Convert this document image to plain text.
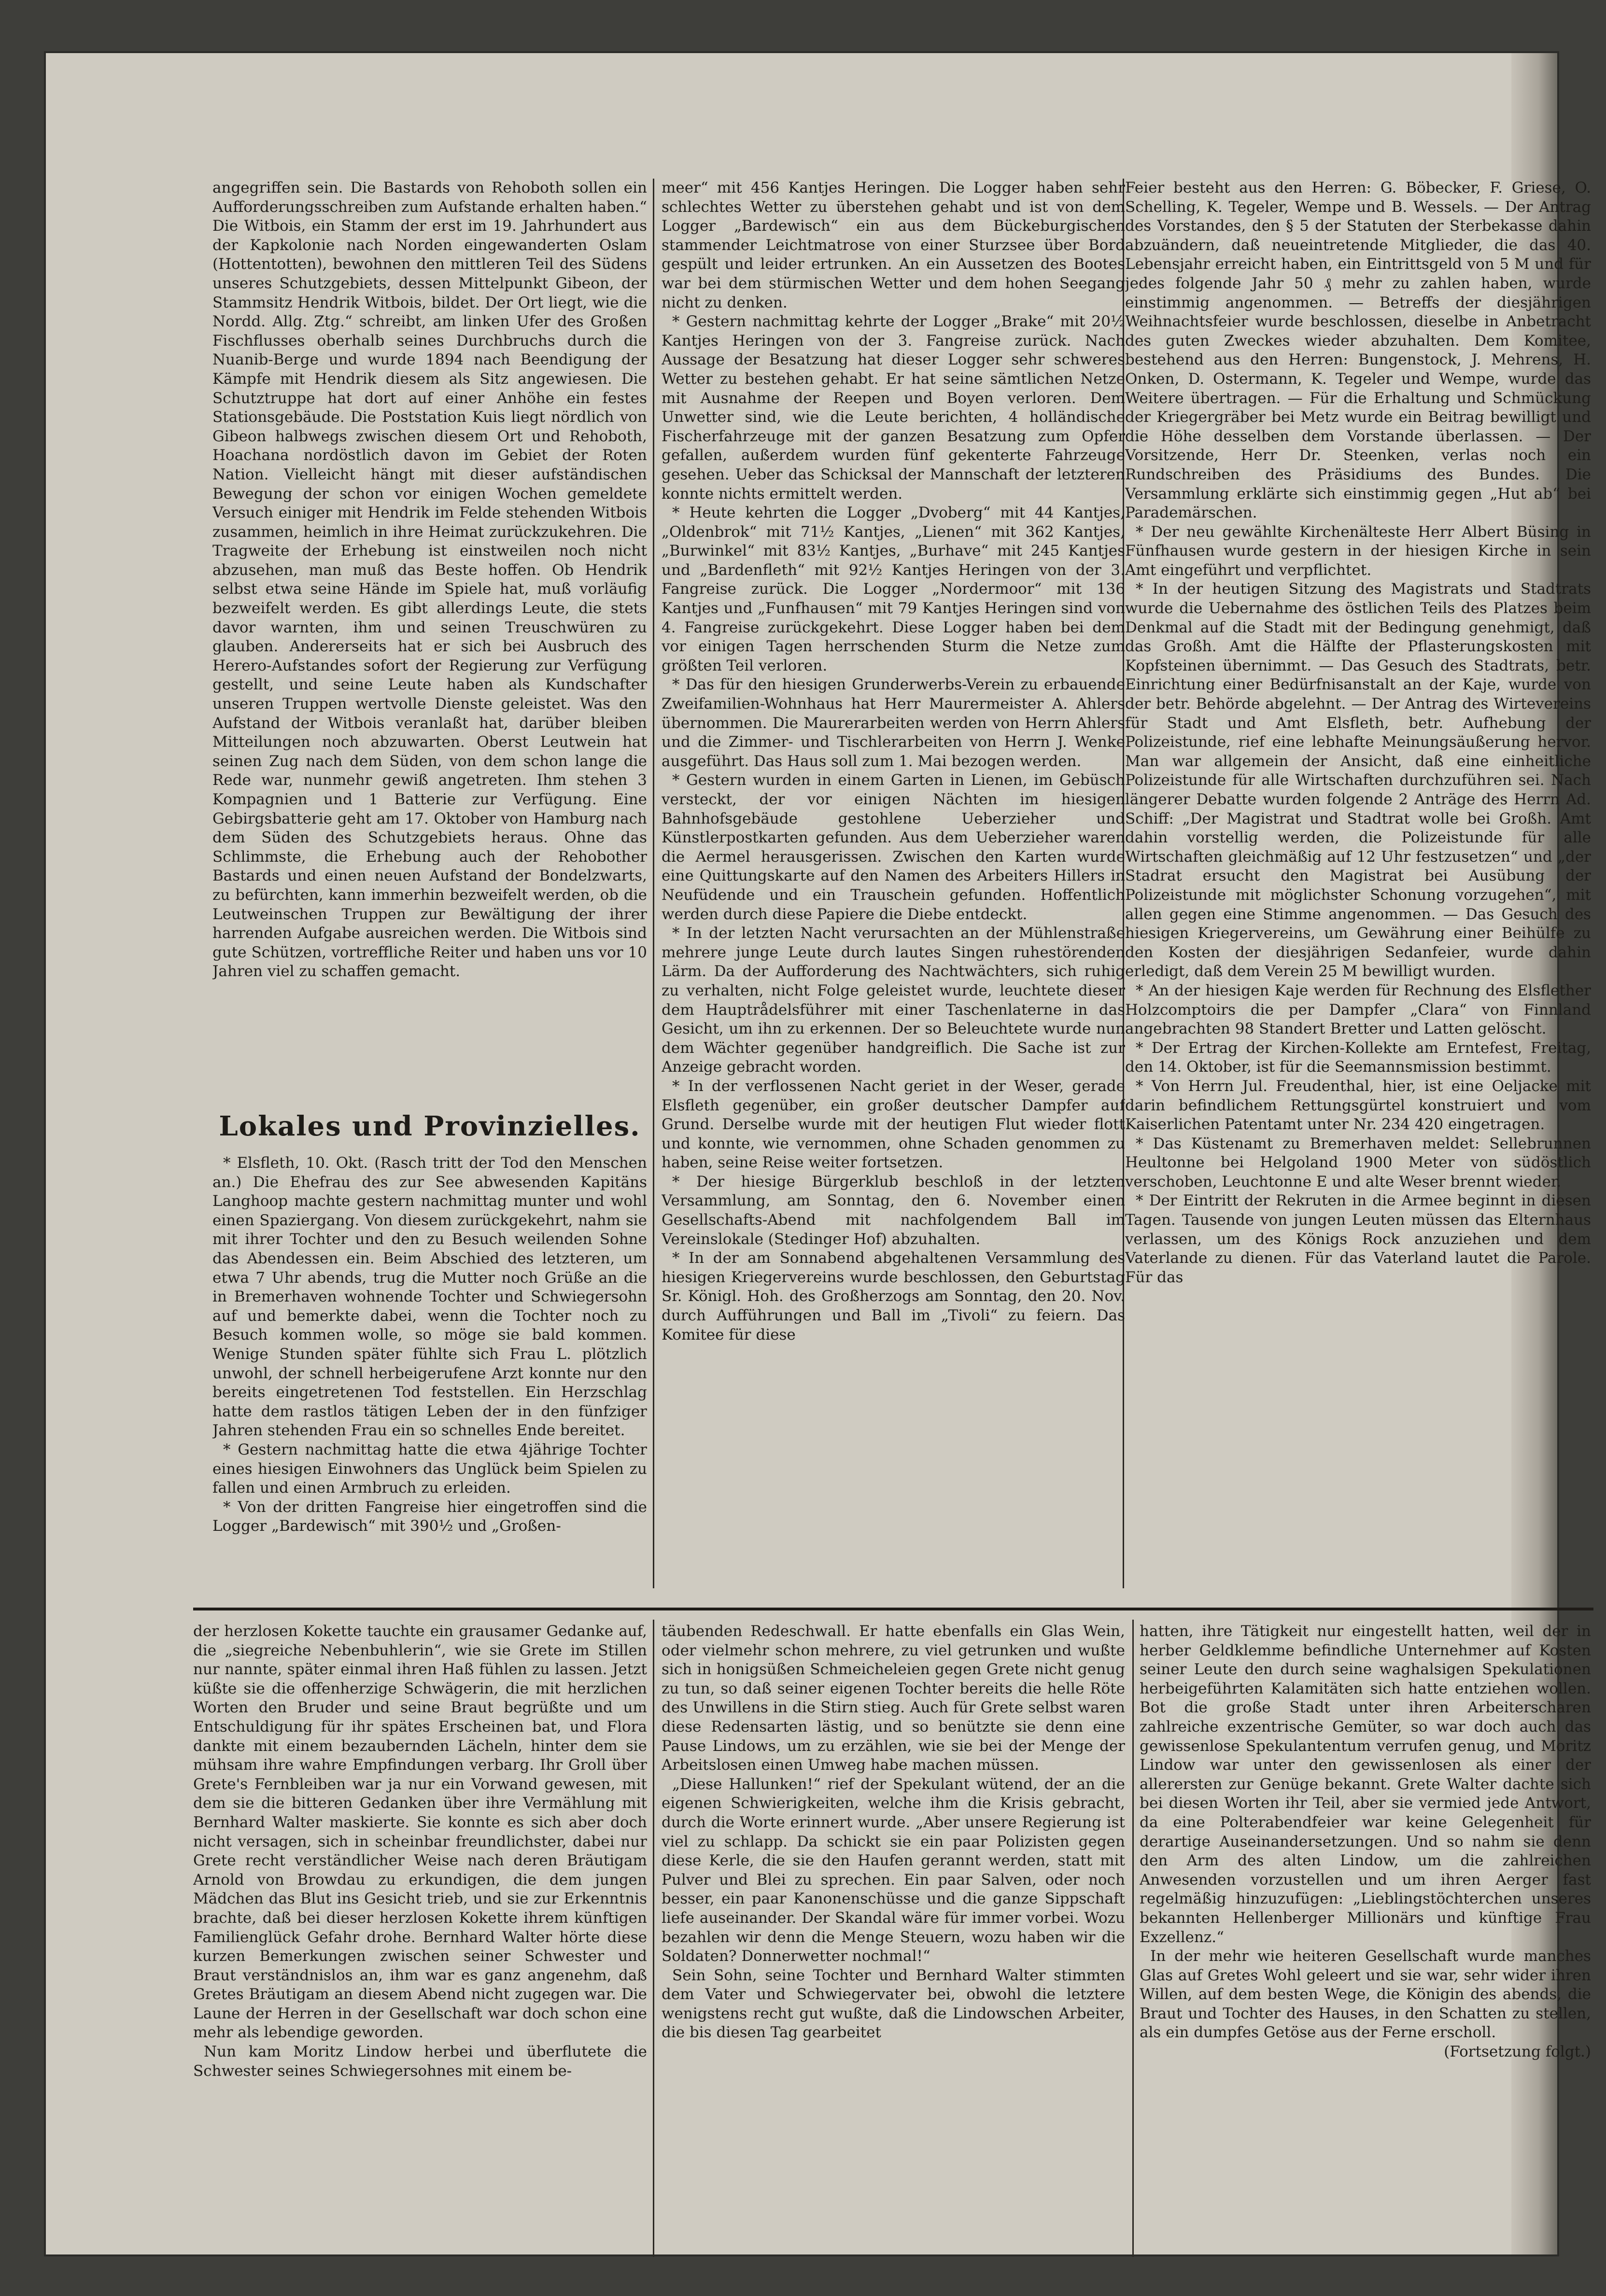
angegriffen sein. Die Bastards von Rehoboth sollen ein Aufforderungsschreiben zum Aufstande erhalten haben.“ Die Witbois, ein Stamm der erst im 19. Jahrhundert aus der Kapkolonie nach Norden eingewanderten Oslam (Hottentotten), bewohnen den mittleren Teil des Südens unseres Schutzgebiets, dessen Mittelpunkt Gibeon, der Stammsitz Hendrik Witbois, bildet. Der Ort liegt, wie die Nordd. Allg. Ztg.“ schreibt, am linken Ufer des Großen Fischflusses oberhalb seines Durchbruchs durch die Nuanib-Berge und wurde 1894 nach Beendigung der Kämpfe mit Hendrik diesem als Sitz angewiesen. Die Schutztruppe hat dort auf einer Anhöhe ein festes Stationsgebäude. Die Poststation Kuis liegt nördlich von Gibeon halbwegs zwischen diesem Ort und Rehoboth, Hoachana nordöstlich davon im Gebiet der Roten Nation. Vielleicht hängt mit dieser aufständischen Bewegung der schon vor einigen Wochen gemeldete Versuch einiger mit Hendrik im Felde stehenden Witbois zusammen, heimlich in ihre Heimat zurückzukehren. Die Tragweite der Erhebung ist einstweilen noch nicht abzusehen, man muß das Beste hoffen. Ob Hendrik selbst etwa seine Hände im Spiele hat, muß vorläufig bezweifelt werden. Es gibt allerdings Leute, die stets davor warnten, ihm und seinen Treuschwüren zu glauben. Andererseits hat er sich bei Ausbruch des Herero-Aufstandes sofort der Regierung zur Verfügung gestellt, und seine Leute haben als Kundschafter unseren Truppen wertvolle Dienste geleistet. Was den Aufstand der Witbois veranlaßt hat, darüber bleiben Mitteilungen noch abzuwarten. Oberst Leutwein hat seinen Zug nach dem Süden, von dem schon lange die Rede war, nunmehr gewiß angetreten. Ihm stehen 3 Kompagnien und 1 Batterie zur Verfügung. Eine Gebirgsbatterie geht am 17. Oktober von Hamburg nach dem Süden des Schutzgebiets heraus. Ohne das Schlimmste, die Erhebung auch der Rehobother Bastards und einen neuen Aufstand der Bondelzwarts, zu befürchten, kann immerhin bezweifelt werden, ob die Leutweinschen Truppen zur Bewältigung der ihrer harrenden Aufgabe ausreichen werden. Die Witbois sind gute Schützen, vortreffliche Reiter und haben uns vor 10 Jahren viel zu schaffen gemacht.

Lokales und Provinzielles.

* Elsfleth, 10. Okt. (Rasch tritt der Tod den Menschen an.) Die Ehefrau des zur See abwesenden Kapitäns Langhoop machte gestern nachmittag munter und wohl einen Spaziergang. Von diesem zurückgekehrt, nahm sie mit ihrer Tochter und den zu Besuch weilenden Sohne das Abendessen ein. Beim Abschied des letzteren, um etwa 7 Uhr abends, trug die Mutter noch Grüße an die in Bremerhaven wohnende Tochter und Schwiegersohn auf und bemerkte dabei, wenn die Tochter noch zu Besuch kommen wolle, so möge sie bald kommen. Wenige Stunden später fühlte sich Frau L. plötzlich unwohl, der schnell herbeigerufene Arzt konnte nur den bereits eingetretenen Tod feststellen. Ein Herzschlag hatte dem rastlos tätigen Leben der in den fünfziger Jahren stehenden Frau ein so schnelles Ende bereitet.

* Gestern nachmittag hatte die etwa 4jährige Tochter eines hiesigen Einwohners das Unglück beim Spielen zu fallen und einen Armbruch zu erleiden.

* Von der dritten Fangreise hier eingetroffen sind die Logger „Bardewisch“ mit 390½ und „Großen-

meer“ mit 456 Kantjes Heringen. Die Logger haben sehr schlechtes Wetter zu überstehen gehabt und ist von dem Logger „Bardewisch“ ein aus dem Bückeburgischen stammender Leichtmatrose von einer Sturzsee über Bord gespült und leider ertrunken. An ein Aussetzen des Bootes war bei dem stürmischen Wetter und dem hohen Seegang nicht zu denken.

* Gestern nachmittag kehrte der Logger „Brake“ mit 20½ Kantjes Heringen von der 3. Fangreise zurück. Nach Aussage der Besatzung hat dieser Logger sehr schweres Wetter zu bestehen gehabt. Er hat seine sämtlichen Netze mit Ausnahme der Reepen und Boyen verloren. Dem Unwetter sind, wie die Leute berichten, 4 holländische Fischerfahrzeuge mit der ganzen Besatzung zum Opfer gefallen, außerdem wurden fünf gekenterte Fahrzeuge gesehen. Ueber das Schicksal der Mannschaft der letzteren konnte nichts ermittelt werden.

* Heute kehrten die Logger „Dvoberg“ mit 44 Kantjes, „Oldenbrok“ mit 71½ Kantjes, „Lienen“ mit 362 Kantjes, „Burwinkel“ mit 83½ Kantjes, „Burhave“ mit 245 Kantjes und „Bardenfleth“ mit 92½ Kantjes Heringen von der 3. Fangreise zurück. Die Logger „Nordermoor“ mit 136 Kantjes und „Funfhausen“ mit 79 Kantjes Heringen sind von 4. Fangreise zurückgekehrt. Diese Logger haben bei dem vor einigen Tagen herrschenden Sturm die Netze zum größten Teil verloren.

* Das für den hiesigen Grunderwerbs-Verein zu erbauende Zweifamilien-Wohnhaus hat Herr Maurermeister A. Ahlers übernommen. Die Maurerarbeiten werden von Herrn Ahlers und die Zimmer- und Tischlerarbeiten von Herrn J. Wenke ausgeführt. Das Haus soll zum 1. Mai bezogen werden.

* Gestern wurden in einem Garten in Lienen, im Gebüsch versteckt, der vor einigen Nächten im hiesigen Bahnhofsgebäude gestohlene Ueberzieher und Künstlerpostkarten gefunden. Aus dem Ueberzieher waren die Aermel herausgerissen. Zwischen den Karten wurde eine Quittungskarte auf den Namen des Arbeiters Hillers in Neufüdende und ein Trauschein gefunden. Hoffentlich werden durch diese Papiere die Diebe entdeckt.

* In der letzten Nacht verursachten an der Mühlenstraße mehrere junge Leute durch lautes Singen ruhestörenden Lärm. Da der Aufforderung des Nachtwächters, sich ruhig zu verhalten, nicht Folge geleistet wurde, leuchtete dieser dem Hauptrådelsführer mit einer Taschenlaterne in das Gesicht, um ihn zu erkennen. Der so Beleuchtete wurde nun dem Wächter gegenüber handgreiflich. Die Sache ist zur Anzeige gebracht worden.

* In der verflossenen Nacht geriet in der Weser, gerade Elsfleth gegenüber, ein großer deutscher Dampfer auf Grund. Derselbe wurde mit der heutigen Flut wieder flott und konnte, wie vernommen, ohne Schaden genommen zu haben, seine Reise weiter fortsetzen.

* Der hiesige Bürgerklub beschloß in der letzten Versammlung, am Sonntag, den 6. November einen Gesellschafts-Abend mit nachfolgendem Ball im Vereinslokale (Stedinger Hof) abzuhalten.

* In der am Sonnabend abgehaltenen Versammlung des hiesigen Kriegervereins wurde beschlossen, den Geburtstag Sr. Königl. Hoh. des Großherzogs am Sonntag, den 20. Nov. durch Aufführungen und Ball im „Tivoli“ zu feiern. Das Komitee für diese

Feier besteht aus den Herren: G. Böbecker, F. Griese, O. Schelling, K. Tegeler, Wempe und B. Wessels. — Der Antrag des Vorstandes, den § 5 der Statuten der Sterbekasse dahin abzuändern, daß neueintretende Mitglieder, die das 40. Lebensjahr erreicht haben, ein Eintrittsgeld von 5 M und für jedes folgende Jahr 50 ₰ mehr zu zahlen haben, wurde einstimmig angenommen. — Betreffs der diesjährigen Weihnachtsfeier wurde beschlossen, dieselbe in Anbetracht des guten Zweckes wieder abzuhalten. Dem Komitee, bestehend aus den Herren: Bungenstock, J. Mehrens, H. Onken, D. Ostermann, K. Tegeler und Wempe, wurde das Weitere übertragen. — Für die Erhaltung und Schmückung der Kriegergräber bei Metz wurde ein Beitrag bewilligt und die Höhe desselben dem Vorstande überlassen. — Der Vorsitzende, Herr Dr. Steenken, verlas noch ein Rundschreiben des Präsidiums des Bundes. Die Versammlung erklärte sich einstimmig gegen „Hut ab“ bei Parademärschen.

* Der neu gewählte Kirchenälteste Herr Albert Büsing in Fünfhausen wurde gestern in der hiesigen Kirche in sein Amt eingeführt und verpflichtet.

* In der heutigen Sitzung des Magistrats und Stadtrats wurde die Uebernahme des östlichen Teils des Platzes beim Denkmal auf die Stadt mit der Bedingung genehmigt, daß das Großh. Amt die Hälfte der Pflasterungskosten mit Kopfsteinen übernimmt. — Das Gesuch des Stadtrats, betr. Einrichtung einer Bedürfnisanstalt an der Kaje, wurde von der betr. Behörde abgelehnt. — Der Antrag des Wirtevereins für Stadt und Amt Elsfleth, betr. Aufhebung der Polizeistunde, rief eine lebhafte Meinungsäußerung hervor. Man war allgemein der Ansicht, daß eine einheitliche Polizeistunde für alle Wirtschaften durchzuführen sei. Nach längerer Debatte wurden folgende 2 Anträge des Herrn Ad. Schiff: „Der Magistrat und Stadtrat wolle bei Großh. Amt dahin vorstellig werden, die Polizeistunde für alle Wirtschaften gleichmäßig auf 12 Uhr festzusetzen“ und „der Stadrat ersucht den Magistrat bei Ausübung der Polizeistunde mit möglichster Schonung vorzugehen“, mit allen gegen eine Stimme angenommen. — Das Gesuch des hiesigen Kriegervereins, um Gewährung einer Beihülfe zu den Kosten der diesjährigen Sedanfeier, wurde dahin erledigt, daß dem Verein 25 M bewilligt wurden.

* An der hiesigen Kaje werden für Rechnung des Elsflether Holzcomptoirs die per Dampfer „Clara“ von Finnland angebrachten 98 Standert Bretter und Latten gelöscht.

* Der Ertrag der Kirchen-Kollekte am Erntefest, Freitag, den 14. Oktober, ist für die Seemannsmission bestimmt.

* Von Herrn Jul. Freudenthal, hier, ist eine Oeljacke mit darin befindlichem Rettungsgürtel konstruiert und vom Kaiserlichen Patentamt unter Nr. 234 420 eingetragen.

* Das Küstenamt zu Bremerhaven meldet: Sellebrunnen Heultonne bei Helgoland 1900 Meter von südöstlich verschoben, Leuchtonne E und alte Weser brennt wieder.

* Der Eintritt der Rekruten in die Armee beginnt in diesen Tagen. Tausende von jungen Leuten müssen das Elternhaus verlassen, um des Königs Rock anzuziehen und dem Vaterlande zu dienen. Für das Vaterland lautet die Parole. Für das

der herzlosen Kokette tauchte ein grausamer Gedanke auf, die „siegreiche Nebenbuhlerin“, wie sie Grete im Stillen nur nannte, später einmal ihren Haß fühlen zu lassen. Jetzt küßte sie die offenherzige Schwägerin, die mit herzlichen Worten den Bruder und seine Braut begrüßte und um Entschuldigung für ihr spätes Erscheinen bat, und Flora dankte mit einem bezaubernden Lächeln, hinter dem sie mühsam ihre wahre Empfindungen verbarg. Ihr Groll über Grete's Fernbleiben war ja nur ein Vorwand gewesen, mit dem sie die bitteren Gedanken über ihre Vermählung mit Bernhard Walter maskierte. Sie konnte es sich aber doch nicht versagen, sich in scheinbar freundlichster, dabei nur Grete recht verständlicher Weise nach deren Bräutigam Arnold von Browdau zu erkundigen, die dem jungen Mädchen das Blut ins Gesicht trieb, und sie zur Erkenntnis brachte, daß bei dieser herzlosen Kokette ihrem künftigen Familienglück Gefahr drohe. Bernhard Walter hörte diese kurzen Bemerkungen zwischen seiner Schwester und Braut verständnislos an, ihm war es ganz angenehm, daß Gretes Bräutigam an diesem Abend nicht zugegen war. Die Laune der Herren in der Gesellschaft war doch schon eine mehr als lebendige geworden.

Nun kam Moritz Lindow herbei und überflutete die Schwester seines Schwiegersohnes mit einem be-

täubenden Redeschwall. Er hatte ebenfalls ein Glas Wein, oder vielmehr schon mehrere, zu viel getrunken und wußte sich in honigsüßen Schmeicheleien gegen Grete nicht genug zu tun, so daß seiner eigenen Tochter bereits die helle Röte des Unwillens in die Stirn stieg. Auch für Grete selbst waren diese Redensarten lästig, und so benützte sie denn eine Pause Lindows, um zu erzählen, wie sie bei der Menge der Arbeitslosen einen Umweg habe machen müssen.

„Diese Hallunken!“ rief der Spekulant wütend, der an die eigenen Schwierigkeiten, welche ihm die Krisis gebracht, durch die Worte erinnert wurde. „Aber unsere Regierung ist viel zu schlapp. Da schickt sie ein paar Polizisten gegen diese Kerle, die sie den Haufen gerannt werden, statt mit Pulver und Blei zu sprechen. Ein paar Salven, oder noch besser, ein paar Kanonenschüsse und die ganze Sippschaft liefe auseinander. Der Skandal wäre für immer vorbei. Wozu bezahlen wir denn die Menge Steuern, wozu haben wir die Soldaten? Donnerwetter nochmal!“

Sein Sohn, seine Tochter und Bernhard Walter stimmten dem Vater und Schwiegervater bei, obwohl die letztere wenigstens recht gut wußte, daß die Lindowschen Arbeiter, die bis diesen Tag gearbeitet

hatten, ihre Tätigkeit nur eingestellt hatten, weil der in herber Geldklemme befindliche Unternehmer auf Kosten seiner Leute den durch seine waghalsigen Spekulationen herbeigeführten Kalamitäten sich hatte entziehen wollen. Bot die große Stadt unter ihren Arbeiterscharen zahlreiche exzentrische Gemüter, so war doch auch das gewissenlose Spekulantentum verrufen genug, und Moritz Lindow war unter den gewissenlosen als einer der allerersten zur Genüge bekannt. Grete Walter dachte sich bei diesen Worten ihr Teil, aber sie vermied jede Antwort, da eine Polterabendfeier war keine Gelegenheit für derartige Auseinandersetzungen. Und so nahm sie denn den Arm des alten Lindow, um die zahlreichen Anwesenden vorzustellen und um ihren Aerger fast regelmäßig hinzuzufügen: „Lieblingstöchterchen unseres bekannten Hellenberger Millionärs und künftige Frau Exzellenz.“

In der mehr wie heiteren Gesellschaft wurde manches Glas auf Gretes Wohl geleert und sie war, sehr wider ihren Willen, auf dem besten Wege, die Königin des abends, die Braut und Tochter des Hauses, in den Schatten zu stellen, als ein dumpfes Getöse aus der Ferne erscholl.

(Fortsetzung folgt.)
